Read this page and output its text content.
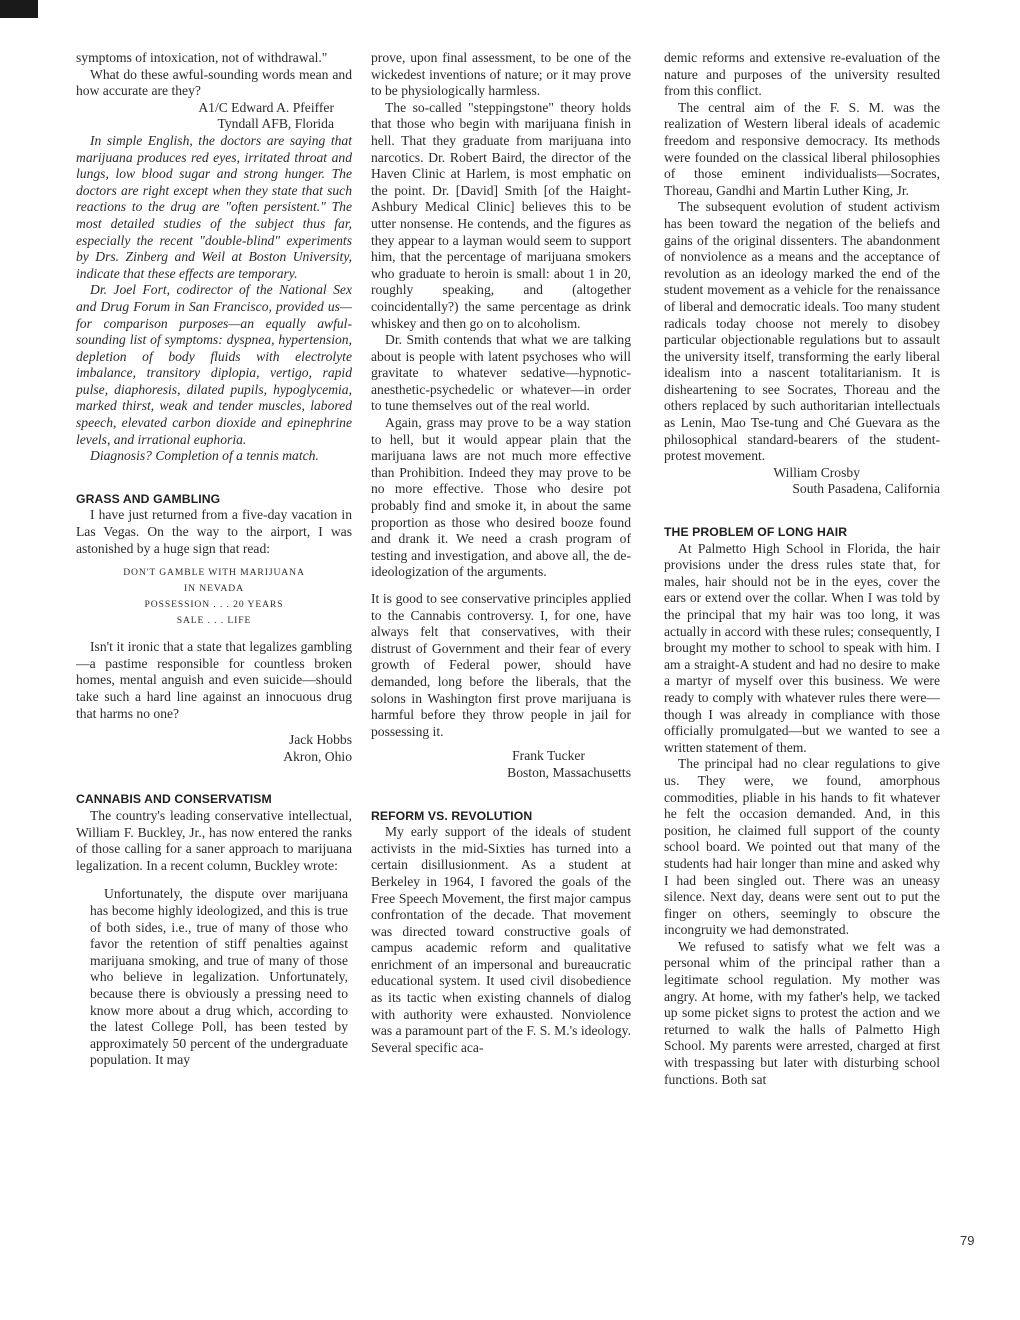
symptoms of intoxication, not of withdrawal."

What do these awful-sounding words mean and how accurate are they?

A1/C Edward A. Pfeiffer
Tyndall AFB, Florida

In simple English, the doctors are saying that marijuana produces red eyes, irritated throat and lungs, low blood sugar and strong hunger. The doctors are right except when they state that such reactions to the drug are "often persistent." The most detailed studies of the subject thus far, especially the recent "double-blind" experiments by Drs. Zinberg and Weil at Boston University, indicate that these effects are temporary.

Dr. Joel Fort, codirector of the National Sex and Drug Forum in San Francisco, provided us—for comparison purposes—an equally awful-sounding list of symptoms: dyspnea, hypertension, depletion of body fluids with electrolyte imbalance, transitory diplopia, vertigo, rapid pulse, diaphoresis, dilated pupils, hypoglycemia, marked thirst, weak and tender muscles, labored speech, elevated carbon dioxide and epinephrine levels, and irrational euphoria.

Diagnosis? Completion of a tennis match.

GRASS AND GAMBLING

I have just returned from a five-day vacation in Las Vegas. On the way to the airport, I was astonished by a huge sign that read:

DON'T GAMBLE WITH MARIJUANA
IN NEVADA
POSSESSION . . . 20 YEARS
SALE . . . LIFE

Isn't it ironic that a state that legalizes gambling—a pastime responsible for countless broken homes, mental anguish and even suicide—should take such a hard line against an innocuous drug that harms no one?

Jack Hobbs
Akron, Ohio
CANNABIS AND CONSERVATISM

The country's leading conservative intellectual, William F. Buckley, Jr., has now entered the ranks of those calling for a saner approach to marijuana legalization. In a recent column, Buckley wrote:

Unfortunately, the dispute over marijuana has become highly ideologized, and this is true of both sides, i.e., true of many of those who favor the retention of stiff penalties against marijuana smoking, and true of many of those who believe in legalization. Unfortunately, because there is obviously a pressing need to know more about a drug which, according to the latest College Poll, has been tested by approximately 50 percent of the undergraduate population. It may

prove, upon final assessment, to be one of the wickedest inventions of nature; or it may prove to be physiologically harmless.

The so-called "steppingstone" theory holds that those who begin with marijuana finish in hell. That they graduate from marijuana into narcotics. Dr. Robert Baird, the director of the Haven Clinic at Harlem, is most emphatic on the point. Dr. [David] Smith [of the Haight-Ashbury Medical Clinic] believes this to be utter nonsense. He contends, and the figures as they appear to a layman would seem to support him, that the percentage of marijuana smokers who graduate to heroin is small: about 1 in 20, roughly speaking, and (altogether coincidentally?) the same percentage as drink whiskey and then go on to alcoholism.

Dr. Smith contends that what we are talking about is people with latent psychoses who will gravitate to whatever sedative—hypnotic-anesthetic-psychedelic or whatever—in order to tune themselves out of the real world.

Again, grass may prove to be a way station to hell, but it would appear plain that the marijuana laws are not much more effective than Prohibition. Indeed they may prove to be no more effective. Those who desire pot probably find and smoke it, in about the same proportion as those who desired booze found and drank it. We need a crash program of testing and investigation, and above all, the de-ideologization of the arguments.

It is good to see conservative principles applied to the Cannabis controversy. I, for one, have always felt that conservatives, with their distrust of Government and their fear of every growth of Federal power, should have demanded, long before the liberals, that the solons in Washington first prove marijuana is harmful before they throw people in jail for possessing it.

Frank Tucker
Boston, Massachusetts
REFORM VS. REVOLUTION

My early support of the ideals of student activists in the mid-Sixties has turned into a certain disillusionment. As a student at Berkeley in 1964, I favored the goals of the Free Speech Movement, the first major campus confrontation of the decade. That movement was directed toward constructive goals of campus academic reform and qualitative enrichment of an impersonal and bureaucratic educational system. It used civil disobedience as its tactic when existing channels of dialog with authority were exhausted. Nonviolence was a paramount part of the F. S. M.'s ideology. Several specific aca-

demic reforms and extensive re-evaluation of the nature and purposes of the university resulted from this conflict.

The central aim of the F. S. M. was the realization of Western liberal ideals of academic freedom and responsive democracy. Its methods were founded on the classical liberal philosophies of those eminent individualists—Socrates, Thoreau, Gandhi and Martin Luther King, Jr.

The subsequent evolution of student activism has been toward the negation of the beliefs and gains of the original dissenters. The abandonment of nonviolence as a means and the acceptance of revolution as an ideology marked the end of the student movement as a vehicle for the renaissance of liberal and democratic ideals. Too many student radicals today choose not merely to disobey particular objectionable regulations but to assault the university itself, transforming the early liberal idealism into a nascent totalitarianism. It is disheartening to see Socrates, Thoreau and the others replaced by such authoritarian intellectuals as Lenin, Mao Tse-tung and Ché Guevara as the philosophical standard-bearers of the student-protest movement.

William Crosby
South Pasadena, California
THE PROBLEM OF LONG HAIR

At Palmetto High School in Florida, the hair provisions under the dress rules state that, for males, hair should not be in the eyes, cover the ears or extend over the collar. When I was told by the principal that my hair was too long, it was actually in accord with these rules; consequently, I brought my mother to school to speak with him. I am a straight-A student and had no desire to make a martyr of myself over this business. We were ready to comply with whatever rules there were—though I was already in compliance with those officially promulgated—but we wanted to see a written statement of them.

The principal had no clear regulations to give us. They were, we found, amorphous commodities, pliable in his hands to fit whatever he felt the occasion demanded. And, in this position, he claimed full support of the county school board. We pointed out that many of the students had hair longer than mine and asked why I had been singled out. There was an uneasy silence. Next day, deans were sent out to put the finger on others, seemingly to obscure the incongruity we had demonstrated.

We refused to satisfy what we felt was a personal whim of the principal rather than a legitimate school regulation. My mother was angry. At home, with my father's help, we tacked up some picket signs to protest the action and we returned to walk the halls of Palmetto High School. My parents were arrested, charged at first with trespassing but later with disturbing school functions. Both sat

79
